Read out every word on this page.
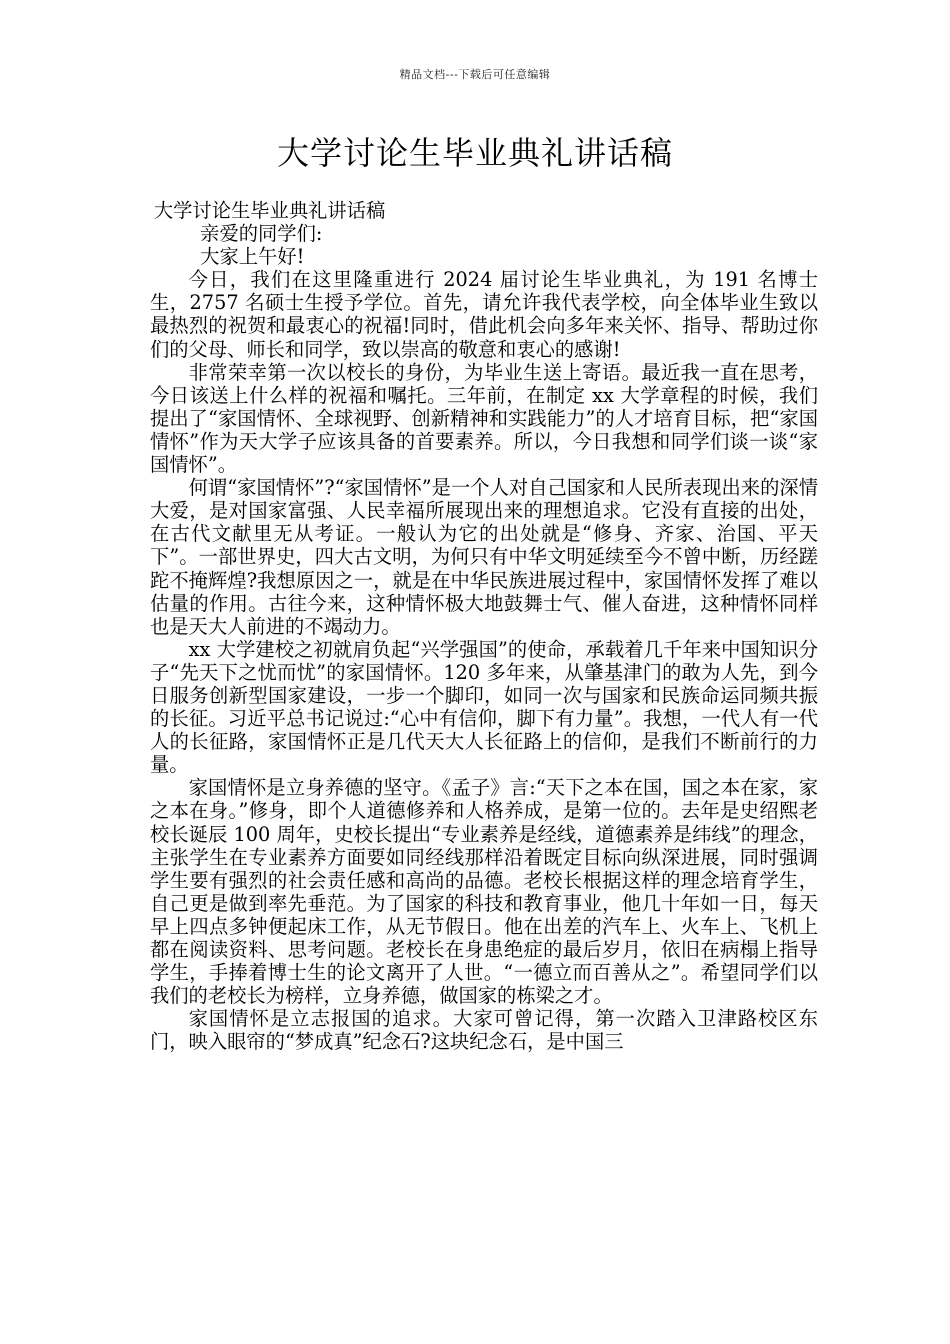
精品文档---下载后可任意编辑
大学讨论生毕业典礼讲话稿

大学讨论生毕业典礼讲话稿

亲爱的同学们:

大家上午好!

今日，我们在这里隆重进行 2024 届讨论生毕业典礼，为 191 名博士生，2757 名硕士生授予学位。首先，请允许我代表学校，向全体毕业生致以最热烈的祝贺和最衷心的祝福!同时，借此机会向多年来关怀、指导、帮助过你们的父母、师长和同学，致以崇高的敬意和衷心的感谢!

非常荣幸第一次以校长的身份，为毕业生送上寄语。最近我一直在思考，今日该送上什么样的祝福和嘱托。三年前，在制定 xx 大学章程的时候，我们提出了“家国情怀、全球视野、创新精神和实践能力”的人才培育目标，把“家国情怀”作为天大学子应该具备的首要素养。所以，今日我想和同学们谈一谈“家国情怀”。

何谓“家国情怀”?“家国情怀”是一个人对自己国家和人民所表现出来的深情大爱，是对国家富强、人民幸福所展现出来的理想追求。它没有直接的出处，在古代文献里无从考证。一般认为它的出处就是“修身、齐家、治国、平天下”。一部世界史，四大古文明，为何只有中华文明延续至今不曾中断，历经蹉跎不掩辉煌?我想原因之一，就是在中华民族进展过程中，家国情怀发挥了难以估量的作用。古往今来，这种情怀极大地鼓舞士气、催人奋进，这种情怀同样也是天大人前进的不竭动力。

xx 大学建校之初就肩负起“兴学强国”的使命，承载着几千年来中国知识分子“先天下之忧而忧”的家国情怀。120 多年来，从肇基津门的敢为人先，到今日服务创新型国家建设，一步一个脚印，如同一次与国家和民族命运同频共振的长征。习近平总书记说过:“心中有信仰，脚下有力量”。我想，一代人有一代人的长征路，家国情怀正是几代天大人长征路上的信仰，是我们不断前行的力量。

家国情怀是立身养德的坚守。《孟子》言:“天下之本在国，国之本在家，家之本在身。”修身，即个人道德修养和人格养成，是第一位的。去年是史绍熙老校长诞辰 100 周年，史校长提出“专业素养是经线，道德素养是纬线”的理念，主张学生在专业素养方面要如同经线那样沿着既定目标向纵深进展，同时强调学生要有强烈的社会责任感和高尚的品德。老校长根据这样的理念培育学生，自己更是做到率先垂范。为了国家的科技和教育事业，他几十年如一日，每天早上四点多钟便起床工作，从无节假日。他在出差的汽车上、火车上、飞机上都在阅读资料、思考问题。老校长在身患绝症的最后岁月，依旧在病榻上指导学生，手捧着博士生的论文离开了人世。“一德立而百善从之”。希望同学们以我们的老校长为榜样，立身养德，做国家的栋梁之才。

家国情怀是立志报国的追求。大家可曾记得，第一次踏入卫津路校区东门，映入眼帘的“梦成真”纪念石?这块纪念石，是中国三
